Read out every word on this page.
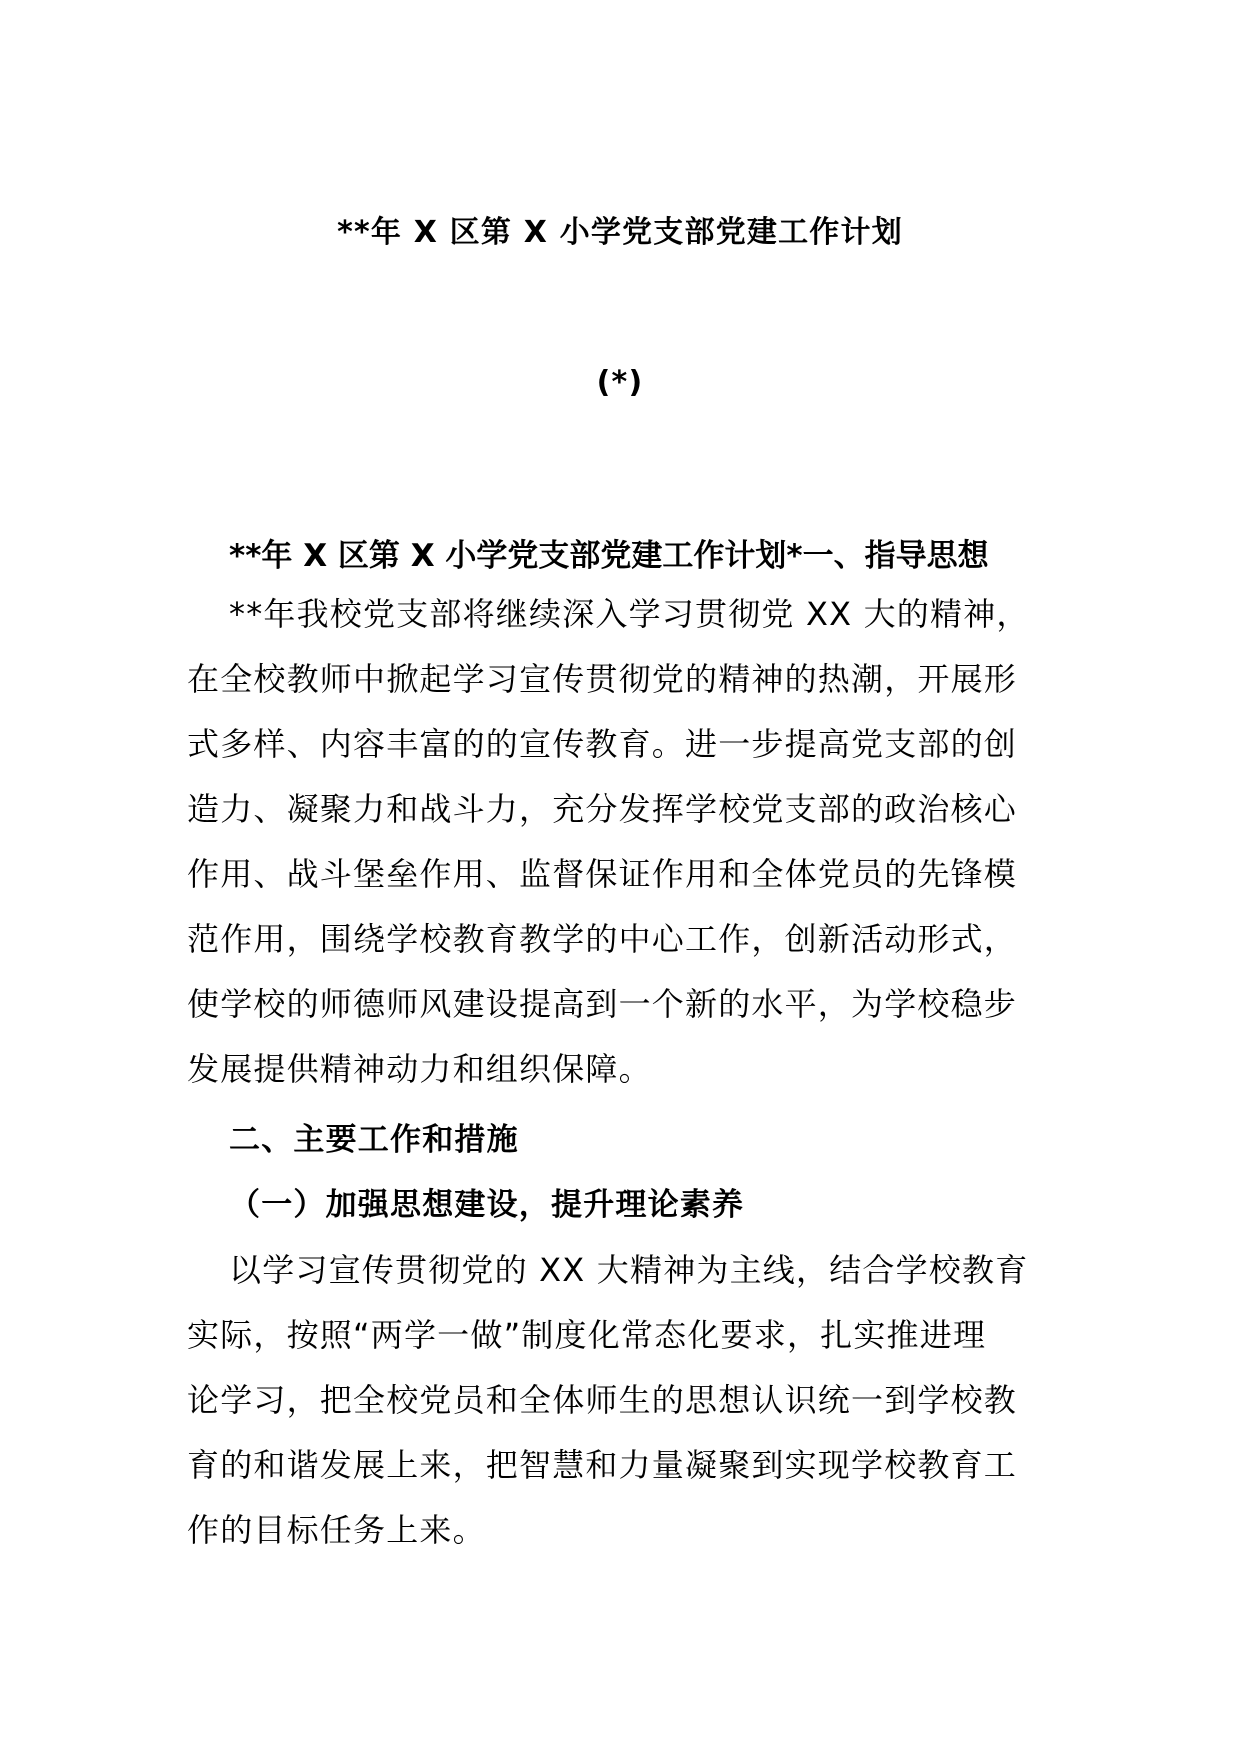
**年 X 区第 X 小学党支部党建工作计划
(*)
**年 X 区第 X 小学党支部党建工作计划*一、指导思想
**年我校党支部将继续深入学习贯彻党 XX 大的精神，
在全校教师中掀起学习宣传贯彻党的精神的热潮，开展形
式多样、内容丰富的的宣传教育。进一步提高党支部的创
造力、凝聚力和战斗力，充分发挥学校党支部的政治核心
作用、战斗堡垒作用、监督保证作用和全体党员的先锋模
范作用，围绕学校教育教学的中心工作，创新活动形式，
使学校的师德师风建设提高到一个新的水平，为学校稳步
发展提供精神动力和组织保障。
二、主要工作和措施
（一）加强思想建设，提升理论素养
以学习宣传贯彻党的 XX 大精神为主线，结合学校教育
实际，按照“两学一做”制度化常态化要求，扎实推进理
论学习，把全校党员和全体师生的思想认识统一到学校教
育的和谐发展上来，把智慧和力量凝聚到实现学校教育工
作的目标任务上来。
